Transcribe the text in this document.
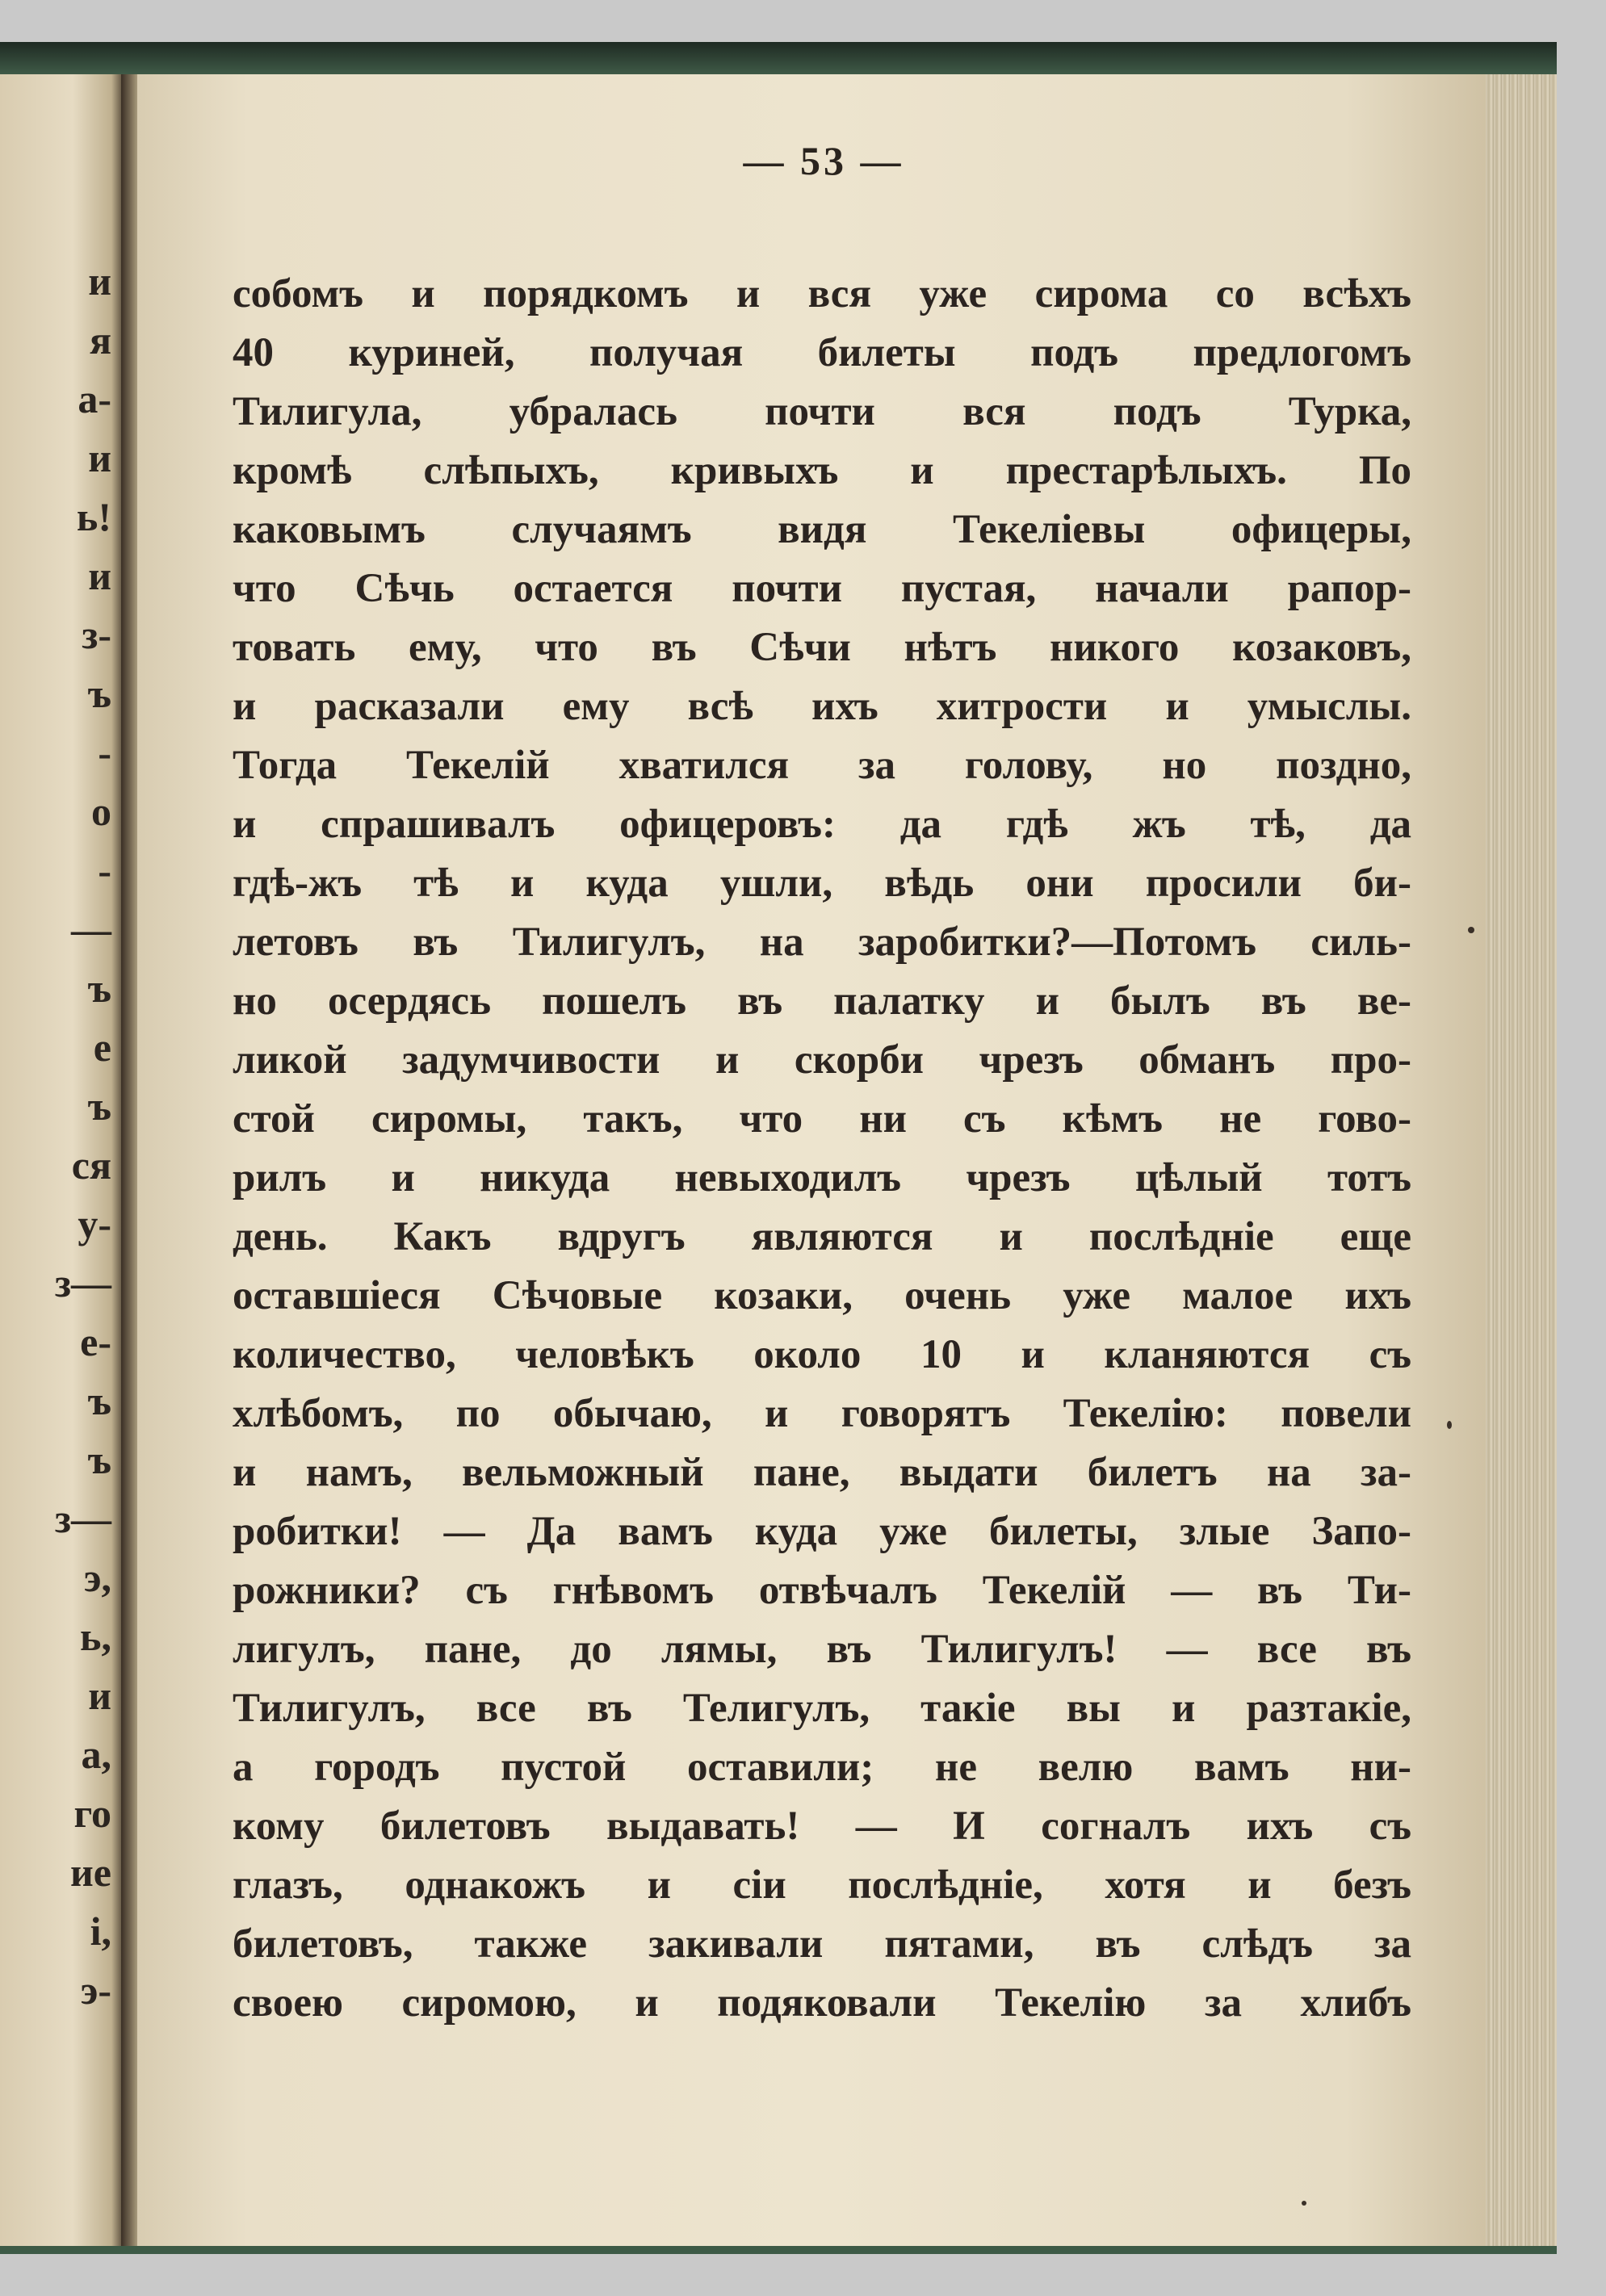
и
я
а-
и
ь!
и
з-
ъ
-
о
-
—
ъ
е
ъ
ся
у-
з—
е-
ъ
ъ
з—
э,
ь,
и
а,
го
ие
і,
э-
— 53 —
собомъ и порядкомъ и вся уже сирома со всѣхъ
40 куриней, получая билеты подъ предлогомъ
Тилигула, убралась почти вся подъ Турка,
кромѣ слѣпыхъ, кривыхъ и престарѣлыхъ. По
каковымъ случаямъ видя Текеліевы офицеры,
что Сѣчь остается почти пустая, начали рапор-
товать ему, что въ Сѣчи нѣтъ никого козаковъ,
и расказали ему всѣ ихъ хитрости и умыслы.
Тогда Текелій хватился за голову, но поздно,
и спрашивалъ офицеровъ: да гдѣ жъ тѣ, да
гдѣ-жъ тѣ и куда ушли, вѣдь они просили би-
летовъ въ Тилигулъ, на заробитки?—Потомъ силь-
но осердясь пошелъ въ палатку и былъ въ ве-
ликой задумчивости и скорби чрезъ обманъ про-
стой сиромы, такъ, что ни съ кѣмъ не гово-
рилъ и никуда невыходилъ чрезъ цѣлый тотъ
день. Какъ вдругъ являются и послѣдніе еще
оставшіеся Сѣчовые козаки, очень уже малое ихъ
количество, человѣкъ около 10 и кланяются съ
хлѣбомъ, по обычаю, и говорятъ Текелію: повели
и намъ, вельможный пане, выдати билетъ на за-
робитки! — Да вамъ куда уже билеты, злые Запо-
рожники? съ гнѣвомъ отвѣчалъ Текелій — въ Ти-
лигулъ, пане, до лямы, въ Тилигулъ! — все въ
Тилигулъ, все въ Телигулъ, такіе вы и разтакіе,
а городъ пустой оставили; не велю вамъ ни-
кому билетовъ выдавать! — И согналъ ихъ съ
глазъ, однакожъ и сіи послѣдніе, хотя и безъ
билетовъ, также закивали пятами, въ слѣдъ за
своею сиромою, и подяковали Текелію за хлибъ
